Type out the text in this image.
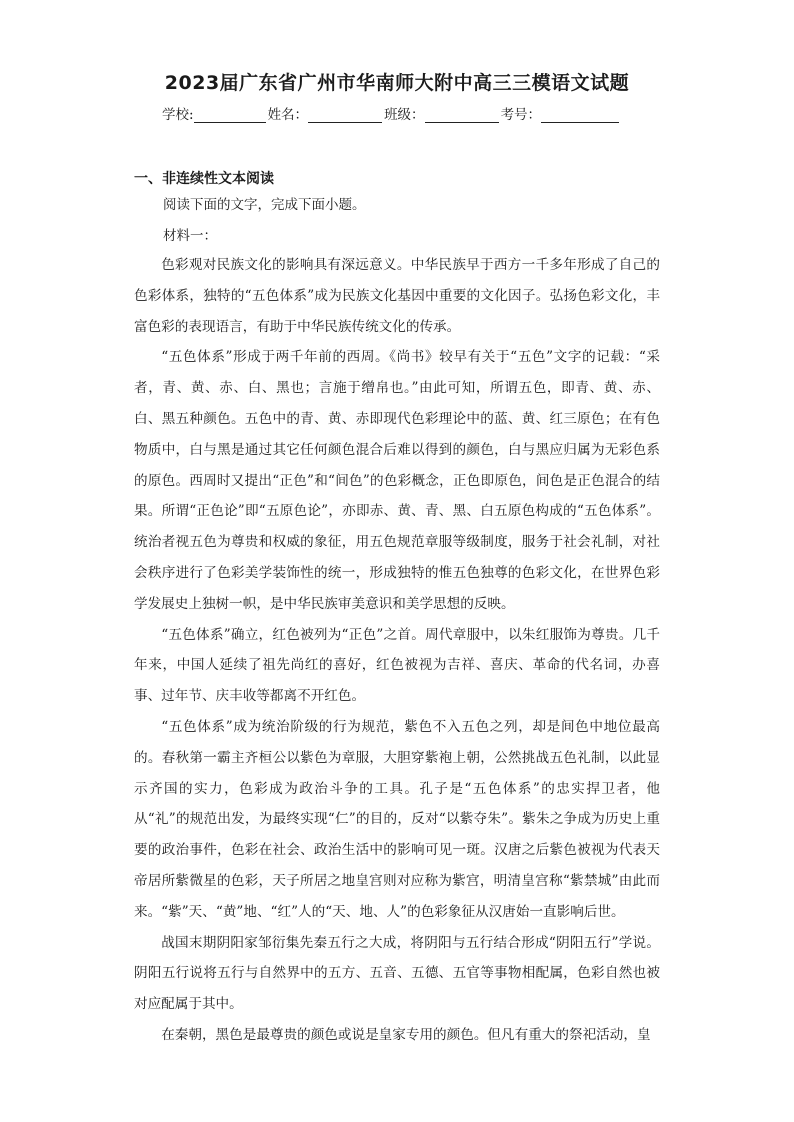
2023届广东省广州市华南师大附中高三三模语文试题
学校:	姓名：	班级：	考号：
一、非连续性文本阅读

阅读下面的文字，完成下面小题。

材料一：

色彩观对民族文化的影响具有深远意义。中华民族早于西方一千多年形成了自己的色彩体系，独特的“五色体系”成为民族文化基因中重要的文化因子。弘扬色彩文化，丰富色彩的表现语言，有助于中华民族传统文化的传承。

“五色体系”形成于两千年前的西周。《尚书》较早有关于“五色”文字的记载：“采者，青、黄、赤、白、黑也；言施于缯帛也。”由此可知，所谓五色，即青、黄、赤、白、黑五种颜色。五色中的青、黄、赤即现代色彩理论中的蓝、黄、红三原色；在有色物质中，白与黑是通过其它任何颜色混合后难以得到的颜色，白与黑应归属为无彩色系的原色。西周时又提出“正色”和“间色”的色彩概念，正色即原色，间色是正色混合的结果。所谓“正色论”即“五原色论”，亦即赤、黄、青、黑、白五原色构成的“五色体系”。统治者视五色为尊贵和权威的象征，用五色规范章服等级制度，服务于社会礼制，对社会秩序进行了色彩美学装饰性的统一，形成独特的惟五色独尊的色彩文化，在世界色彩学发展史上独树一帜，是中华民族审美意识和美学思想的反映。

“五色体系”确立，红色被列为“正色”之首。周代章服中，以朱红服饰为尊贵。几千年来，中国人延续了祖先尚红的喜好，红色被视为吉祥、喜庆、革命的代名词，办喜事、过年节、庆丰收等都离不开红色。

“五色体系”成为统治阶级的行为规范，紫色不入五色之列，却是间色中地位最高的。春秋第一霸主齐桓公以紫色为章服，大胆穿紫袍上朝，公然挑战五色礼制，以此显示齐国的实力，色彩成为政治斗争的工具。孔子是“五色体系”的忠实捍卫者，他从“礼”的规范出发，为最终实现“仁”的目的，反对“以紫夺朱”。紫朱之争成为历史上重要的政治事件，色彩在社会、政治生活中的影响可见一斑。汉唐之后紫色被视为代表天帝居所紫微星的色彩，天子所居之地皇宫则对应称为紫宫，明清皇宫称“紫禁城”由此而来。“紫”天、“黄”地、“红”人的“天、地、人”的色彩象征从汉唐始一直影响后世。

战国末期阴阳家邹衍集先秦五行之大成，将阴阳与五行结合形成“阴阳五行”学说。阴阳五行说将五行与自然界中的五方、五音、五德、五官等事物相配属，色彩自然也被对应配属于其中。

在秦朝，黑色是最尊贵的颜色或说是皇家专用的颜色。但凡有重大的祭祀活动，皇
